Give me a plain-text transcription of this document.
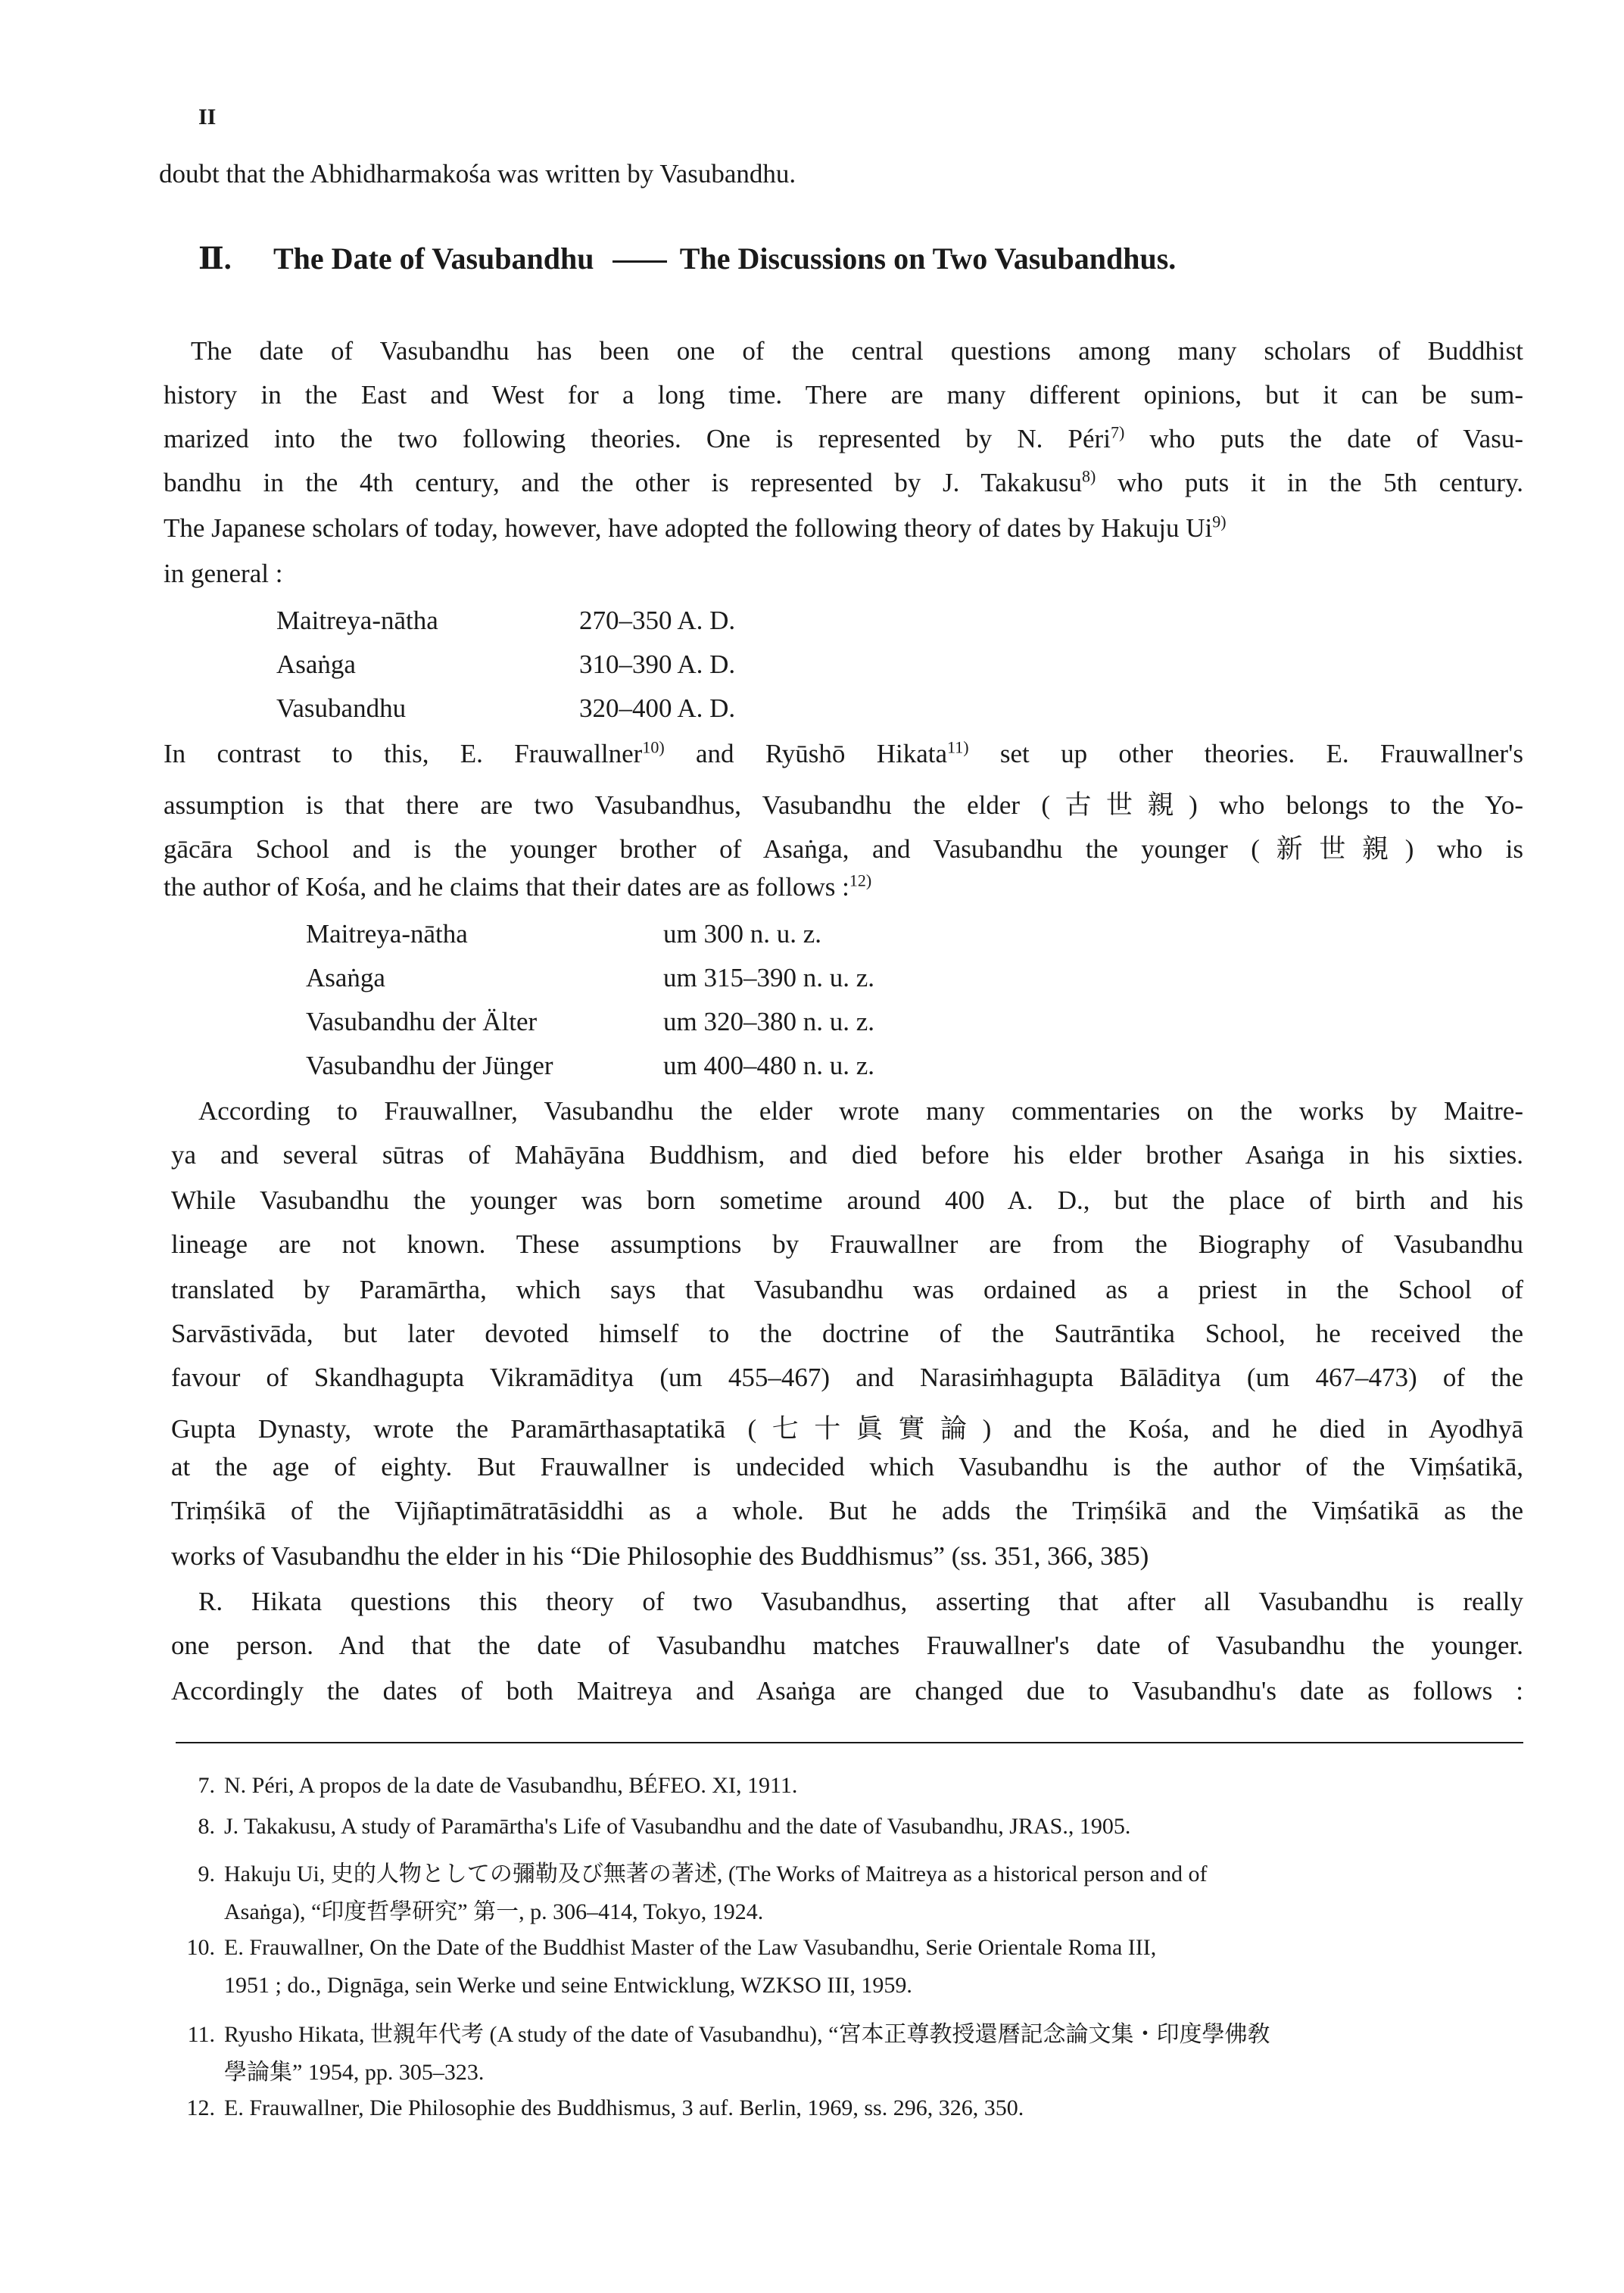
II
doubt that the Abhidharmakośa was written by Vasubandhu.
Ⅱ. The Date of Vasubandhu	The Discussions on Two Vasubandhus.
The date of Vasubandhu has been one of the central questions among many scholars of Buddhist
history in the East and West for a long time. There are many different opinions, but it can be sum-
marized into the two following theories. One is represented by N. Péri$^{7)}$ who puts the date of Vasu-
bandhu in the 4th century, and the other is represented by J. Takakusu$^{8)}$ who puts it in the 5th century.
The Japanese scholars of today, however, have adopted the following theory of dates by Hakuju Ui$^{9)}$
in general :
Maitreya-nātha	270–350 A. D.
Asaṅga	310–390 A. D.
Vasubandhu	320–400 A. D.
In contrast to this, E. Frauwallner$^{10)}$ and Ryūshō Hikata$^{11)}$ set up other theories. E. Frauwallner's
assumption is that there are two Vasubandhus, Vasubandhu the elder (古世親) who belongs to the Yo-
gācāra School and is the younger brother of Asaṅga, and Vasubandhu the younger (新世親) who is
the author of Kośa, and he claims that their dates are as follows :$^{12)}$
Maitreya-nātha	um 300 n. u. z.
Asaṅga	um 315–390 n. u. z.
Vasubandhu der Älter	um 320–380 n. u. z.
Vasubandhu der Jünger	um 400–480 n. u. z.
According to Frauwallner, Vasubandhu the elder wrote many commentaries on the works by Maitre-
ya and several sūtras of Mahāyāna Buddhism, and died before his elder brother Asaṅga in his sixties.
While Vasubandhu the younger was born sometime around 400 A. D., but the place of birth and his
lineage are not known. These assumptions by Frauwallner are from the Biography of Vasubandhu
translated by Paramārtha, which says that Vasubandhu was ordained as a priest in the School of
Sarvāstivāda, but later devoted himself to the doctrine of the Sautrāntika School, he received the
favour of Skandhagupta Vikramāditya (um 455–467) and Narasiṁhagupta Bālāditya (um 467–473) of the
Gupta Dynasty, wrote the Paramārthasaptatikā (七十眞實論) and the Kośa, and he died in Ayodhyā
at the age of eighty. But Frauwallner is undecided which Vasubandhu is the author of the Viṃśatikā,
Triṃśikā of the Vijñaptimātratāsiddhi as a whole. But he adds the Triṃśikā and the Viṃśatikā as the
works of Vasubandhu the elder in his “Die Philosophie des Buddhismus” (ss. 351, 366, 385)
R. Hikata questions this theory of two Vasubandhus, asserting that after all Vasubandhu is really
one person. And that the date of Vasubandhu matches Frauwallner's date of Vasubandhu the younger.
Accordingly the dates of both Maitreya and Asaṅga are changed due to Vasubandhu's date as follows :
7. N. Péri, A propos de la date de Vasubandhu, BÉFEO. XI, 1911.
8. J. Takakusu, A study of Paramārtha's Life of Vasubandhu and the date of Vasubandhu, JRAS., 1905.
9. Hakuju Ui, 史的人物としての彌勒及び無著の著述, (The Works of Maitreya as a historical person and of
Asaṅga), “印度哲學研究” 第一, p. 306–414, Tokyo, 1924.
10. E. Frauwallner, On the Date of the Buddhist Master of the Law Vasubandhu, Serie Orientale Roma III,
1951 ; do., Dignāga, sein Werke und seine Entwicklung, WZKSO III, 1959.
11. Ryusho Hikata, 世親年代考 (A study of the date of Vasubandhu), “宮本正尊教授還曆記念論文集・印度學佛敎
學論集” 1954, pp. 305–323.
12. E. Frauwallner, Die Philosophie des Buddhismus, 3 auf. Berlin, 1969, ss. 296, 326, 350.
